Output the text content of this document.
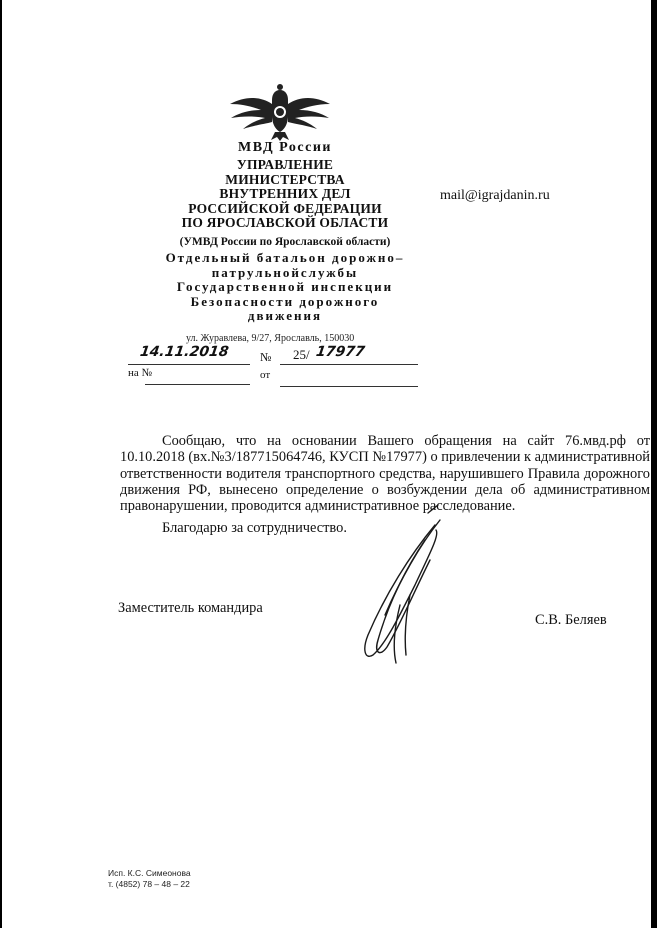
МВД России
УПРАВЛЕНИЕ
МИНИСТЕРСТВА
ВНУТРЕННИХ ДЕЛ
РОССИЙСКОЙ ФЕДЕРАЦИИ
ПО ЯРОСЛАВСКОЙ ОБЛАСТИ
(УМВД России по Ярославской области)
Отдельный батальон дорожно–
патрульнойслужбы
Государственной инспекции
Безопасности дорожного
движения
ул. Журавлева, 9/27, Ярославль, 150030
14.11.2018	№ 25/ 17977
на №	от
mail@igrajdanin.ru

Сообщаю, что на основании Вашего обращения на сайт 76.мвд.рф от 10.10.2018 (вх.№3/187715064746, КУСП №17977) о привлечении к административной ответственности водителя транспортного средства, нарушившего Правила дорожного движения РФ, вынесено определение о возбуждении дела об административном правонарушении, проводится административное расследование.

Благодарю за сотрудничество.

Заместитель командира
С.В. Беляев
Исп. К.С. Симеонова
т. (4852) 78 – 48 – 22
